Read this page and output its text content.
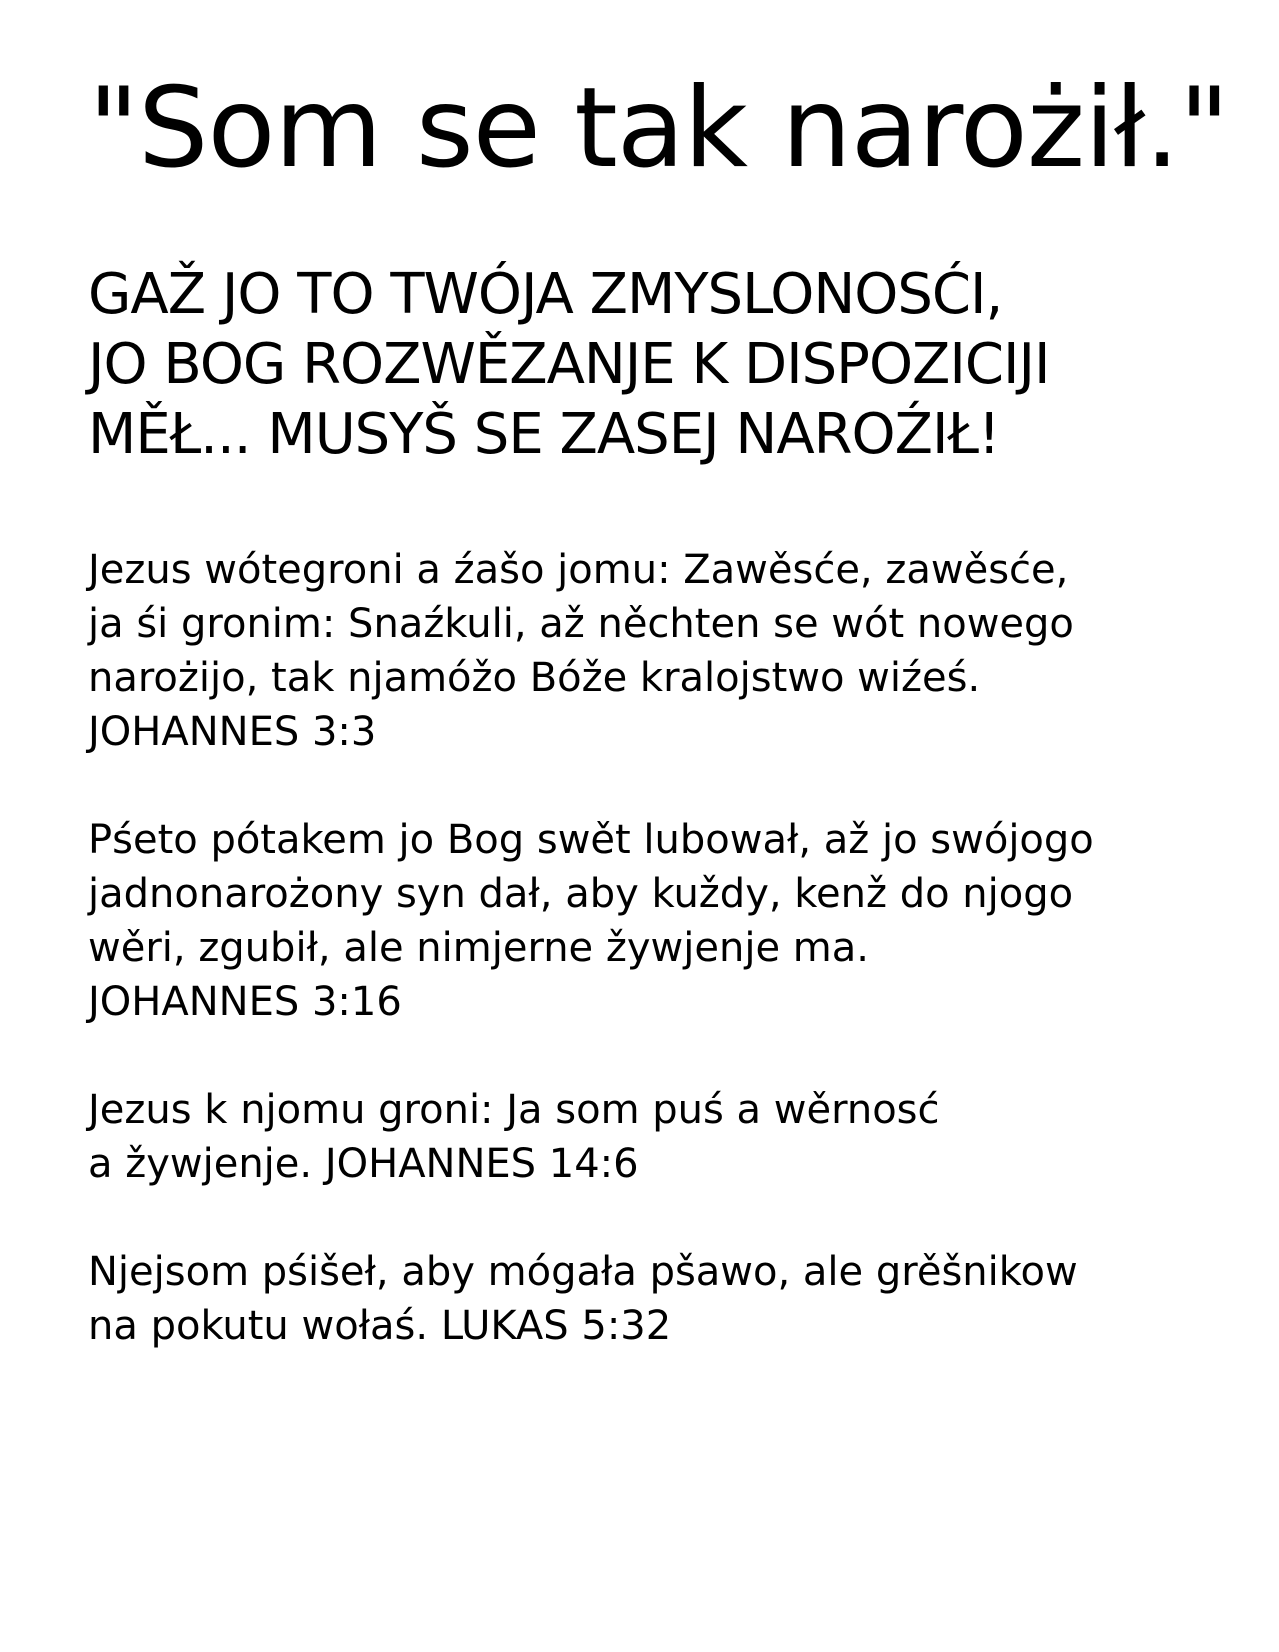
"Som se tak narożił."
GAŽ JO TO TWÓJA ZMYSLONOSĆI,
JO BOG ROZWĚZANJE K DISPOZICIJI
MĚŁ... MUSYŠ SE ZASEJ NAROŹIŁ!

Jezus wótegroni a źašo jomu: Zawěsće, zawěsće,
ja śi gronim: Snaźkuli, až něchten se wót nowego
narożijo, tak njamóžo Bóže kralojstwo wiźeś.
JOHANNES 3:3

Pśeto pótakem jo Bog swět lubował, až jo swójogo
jadnonarożony syn dał, aby kuždy, kenž do njogo
wěri, zgubił, ale nimjerne žywjenje ma.
JOHANNES 3:16

Jezus k njomu groni: Ja som puś a wěrnosć
a žywjenje. JOHANNES 14:6

Njejsom pśišeł, aby mógała pšawo, ale grěšnikow
na pokutu wołaś. LUKAS 5:32
